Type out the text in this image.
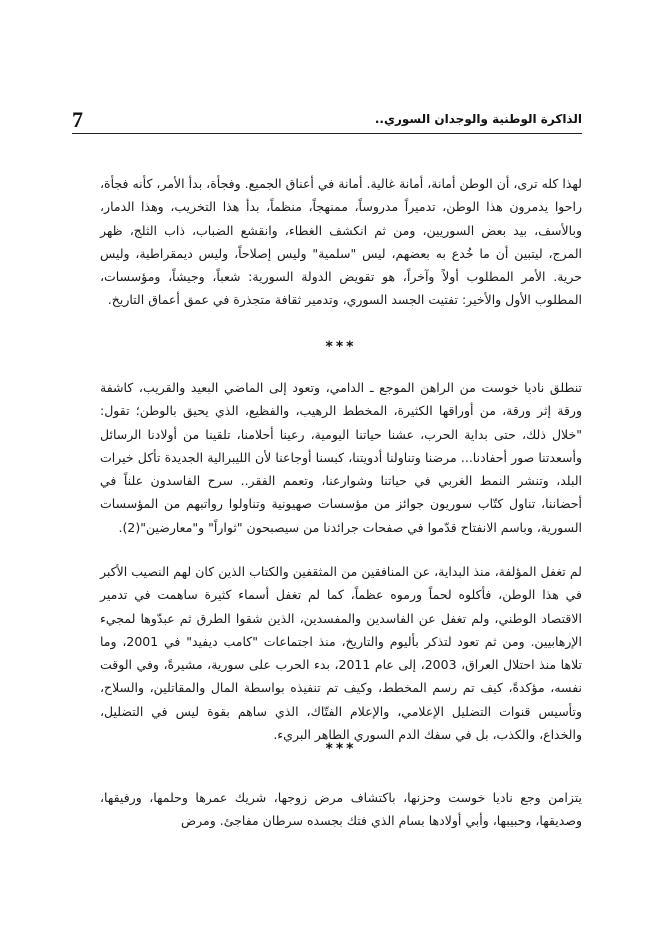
7	الذاكرة الوطنية والوجدان السوري..

لهذا كله ترى، أن الوطن أمانة، أمانة غالية. أمانة في أعناق الجميع. وفجأة، بدأ الأمر، كأنه فجأة، راحوا يدمرون هذا الوطن، تدميراً مدروساً، ممنهجاً، منظماً، بدأ هذا التخريب، وهذا الدمار، وبالأسف، بيد بعض السوريين، ومن ثم انكشف الغطاء، وانقشع الضباب، ذاب الثلج، ظهر المرج، ليتبين أن ما خُدع به بعضهم، ليس "سلمية" وليس إصلاحاً، وليس ديمقراطية، وليس حرية. الأمر المطلوب أولاً وآخراً، هو تقويض الدولة السورية: شعباً، وجيشاً، ومؤسسات، المطلوب الأول والأخير: تفتيت الجسد السوري، وتدمير ثقافة متجذرة في عمق أعماق التاريخ.

***

تنطلق ناديا خوست من الراهن الموجع ـ الدامي، وتعود إلى الماضي البعيد والقريب، كاشفة ورقة إثر ورقة، من أوراقها الكثيرة، المخطط الرهيب، والفظيع، الذي يحيق بالوطن؛ تقول: "خلال ذلك، حتى بداية الحرب، عشنا حياتنا اليومية، رعينا أحلامنا، تلقينا من أولادنا الرسائل وأسعدتنا صور أحفادنا... مرضنا وتناولنا أدويتنا، كبسنا أوجاعنا لأن الليبرالية الجديدة تأكل خيرات البلد، وتنشر النمط الغربي في حياتنا وشوارعنا، وتعمم الفقر.. سرح الفاسدون علناً في أحضاننا، تناول كتّاب سوريون جوائز من مؤسسات صهيونية وتناولوا رواتبهم من المؤسسات السورية، وباسم الانفتاح قدّموا في صفحات جرائدنا من سيصبحون "ثواراً" و"معارضين"(2).

لم تغفل المؤلفة، منذ البداية، عن المنافقين من المثقفين والكتاب الذين كان لهم النصيب الأكبر في هذا الوطن، فأكلوه لحماً ورموه عظماً، كما لم تغفل أسماء كثيرة ساهمت في تدمير الاقتصاد الوطني، ولم تغفل عن الفاسدين والمفسدين، الذين شقوا الطرق ثم عبدّوها لمجيء الإرهابيين. ومن ثم تعود لتذكر بأليوم والتاريخ، منذ اجتماعات "كامب ديفيد" في 2001، وما تلاها منذ احتلال العراق، 2003، إلى عام 2011، بدء الحرب على سورية، مشيرةً، وفي الوقت نفسه، مؤكدةً، كيف تم رسم المخطط، وكيف تم تنفيذه بواسطة المال والمقاتلين، والسلاح، وتأسيس قنوات التضليل الإعلامي، والإعلام الفتّاك، الذي ساهم بقوة ليس في التضليل، والخداع، والكذب، بل في سفك الدم السوري الطاهر البريء.

***

يتزامن وجع ناديا خوست وحزنها، باكتشاف مرض زوجها، شريك عمرها وحلمها، ورفيقها، وصديقها، وحبيبها، وأبي أولادها بسام الذي فتك بجسده سرطان مفاجئ. ومرض
